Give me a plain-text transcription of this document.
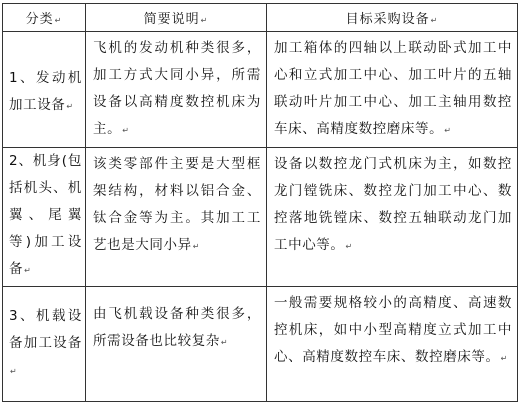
分类↵	简要说明↵	目标采购设备↵

1、发动机加工设备↵	飞机的发动机种类很多，加工方式大同小异，所需设备以高精度数控机床为主。↵	加工箱体的四轴以上联动卧式加工中心和立式加工中心、加工叶片的五轴联动叶片加工中心、加工主轴用数控车床、高精度数控磨床等。↵

2、机身(包括机头、机翼、尾翼等)加工设备↵	该类零部件主要是大型框架结构，材料以铝合金、钛合金等为主。其加工工艺也是大同小异↵	设备以数控龙门式机床为主，如数控龙门镗铣床、数控龙门加工中心、数控落地铣镗床、数控五轴联动龙门加工中心等。↵

3、机载设备加工设备↵	由飞机载设备种类很多，所需设备也比较复杂↵	一般需要规格较小的高精度、高速数控机床，如中小型高精度立式加工中心、高精度数控车床、数控磨床等。↵
